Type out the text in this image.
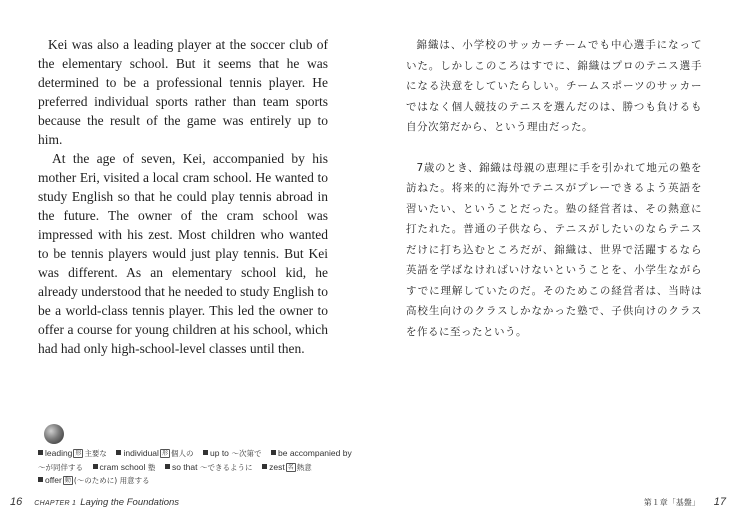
Kei was also a leading player at the soccer club of the elementary school. But it seems that he was determined to be a professional tennis player. He preferred individual sports rather than team sports because the result of the game was entirely up to him.

At the age of seven, Kei, accompanied by his mother Eri, visited a local cram school. He wanted to study English so that he could play tennis abroad in the future. The owner of the cram school was impressed with his zest. Most children who wanted to be tennis players would just play tennis. But Kei was different. As an elementary school kid, he already understood that he needed to study English to be a world-class tennis player. This led the owner to offer a course for young children at his school, which had had only high-school-level classes until then.

leading 形 主要な individual 形 個人の up to 〜次第で be accompanied by
〜が同伴する cram school 塾 so that 〜できるように zest 名 熱意
offer 動 (〜のために) 用意する
16 CHAPTER 1 Laying the Foundations

錦織は、小学校のサッカーチームでも中心選手になっていた。しかしこのころはすでに、錦織はプロのテニス選手になる決意をしていたらしい。チームスポーツのサッカーではなく個人競技のテニスを選んだのは、勝つも負けるも自分次第だから、という理由だった。

7歳のとき、錦織は母親の恵理に手を引かれて地元の塾を訪ねた。将来的に海外でテニスがプレーできるよう英語を習いたい、ということだった。塾の経営者は、その熱意に打たれた。普通の子供なら、テニスがしたいのならテニスだけに打ち込むところだが、錦織は、世界で活躍するなら英語を学ばなければいけないということを、小学生ながらすでに理解していたのだ。そのためこの経営者は、当時は高校生向けのクラスしかなかった塾で、子供向けのクラスを作るに至ったという。

第１章「基盤」 17
